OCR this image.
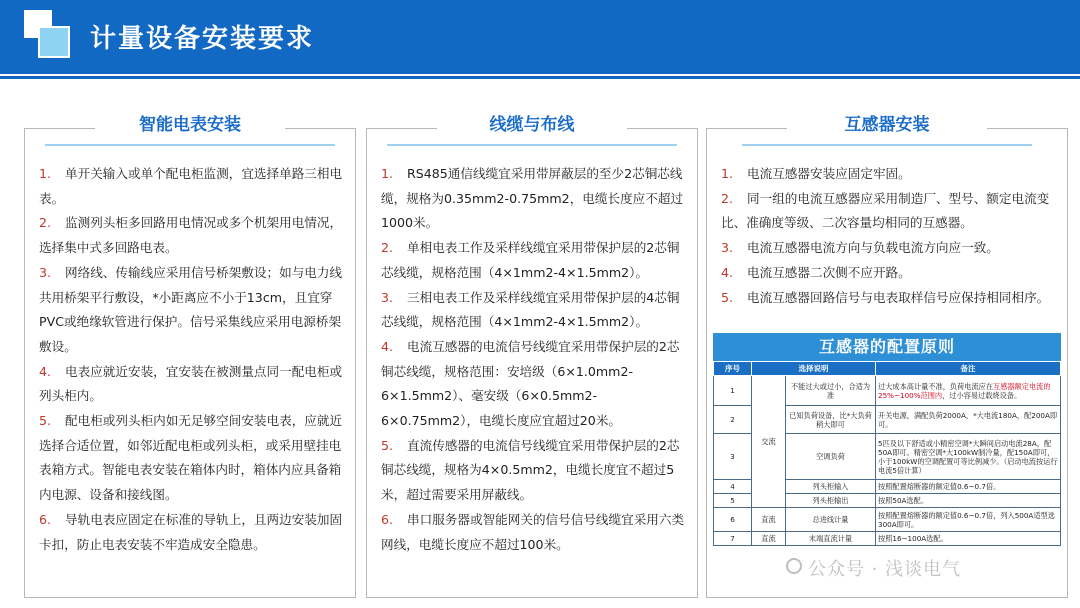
计量设备安装要求
智能电表安装

1. 单开关输入或单个配电柜监测，宜选择单路三相电表。

2. 监测列头柜多回路用电情况或多个机架用电情况，选择集中式多回路电表。

3. 网络线、传输线应采用信号桥架敷设；如与电力线共用桥架平行敷设，*小距离应不小于13cm，且宜穿PVC或绝缘软管进行保护。信号采集线应采用电源桥架敷设。

4. 电表应就近安装，宜安装在被测量点同一配电柜或列头柜内。

5. 配电柜或列头柜内如无足够空间安装电表，应就近选择合适位置，如邻近配电柜或列头柜，或采用壁挂电表箱方式。智能电表安装在箱体内时，箱体内应具备箱内电源、设备和接线图。

6. 导轨电表应固定在标准的导轨上，且两边安装加固卡扣，防止电表安装不牢造成安全隐患。

线缆与布线

1. RS485通信线缆宜采用带屏蔽层的至少2芯铜芯线缆，规格为0.35mm2-0.75mm2，电缆长度应不超过1000米。

2. 单相电表工作及采样线缆宜采用带保护层的2芯铜芯线缆，规格范围（4×1mm2-4×1.5mm2）。

3. 三相电表工作及采样线缆宜采用带保护层的4芯铜芯线缆，规格范围（4×1mm2-4×1.5mm2）。

4. 电流互感器的电流信号线缆宜采用带保护层的2芯铜芯线缆，规格范围：安培级（6×1.0mm2-6×1.5mm2）、毫安级（6×0.5mm2-6×0.75mm2），电缆长度应宜超过20米。

5. 直流传感器的电流信号线缆宜采用带保护层的2芯铜芯线缆，规格为4×0.5mm2，电缆长度宜不超过5米，超过需要采用屏蔽线。

6. 串口服务器或智能网关的信号信号线缆宜采用六类网线，电缆长度应不超过100米。

互感器安装

1. 电流互感器安装应固定牢固。

2. 同一组的电流互感器应采用制造厂、型号、额定电流变比、准确度等级、二次容量均相同的互感器。

3. 电流互感器电流方向与负载电流方向应一致。

4. 电流互感器二次侧不应开路。

5. 电流互感器回路信号与电表取样信号应保持相同相序。

互感器的配置原则
序号	选择说明		备注
1	交流	不能过大或过小，合适为准	过大成本高计量不准，负荷电流应在互感器额定电流的25%~100%范围内，过小容易过载烧设备。
2		已知负荷设备，比*大负荷稍大即可	开关电源，满配负荷2000A，*大电流180A，配200A即可。
3		空调负荷	5匹及以下舒适或小精密空调*大瞬间启动电流28A，配50A即可。精密空调*大100kW制冷量，配150A即可，小于100kW的空调配置可等比例减少。（启动电流按运行电流5倍计算）
4		列头柜输入	按照配置熔断器的额定值0.6~0.7倍。
5		列头柜输出	按照50A选配。
6	直流	总进线计量	按照配置熔断器的额定值0.6~0.7倍，列入500A适型选300A即可。
7	直流	末端直流计量	按照16~100A选配。
公众号 · 浅谈电气
